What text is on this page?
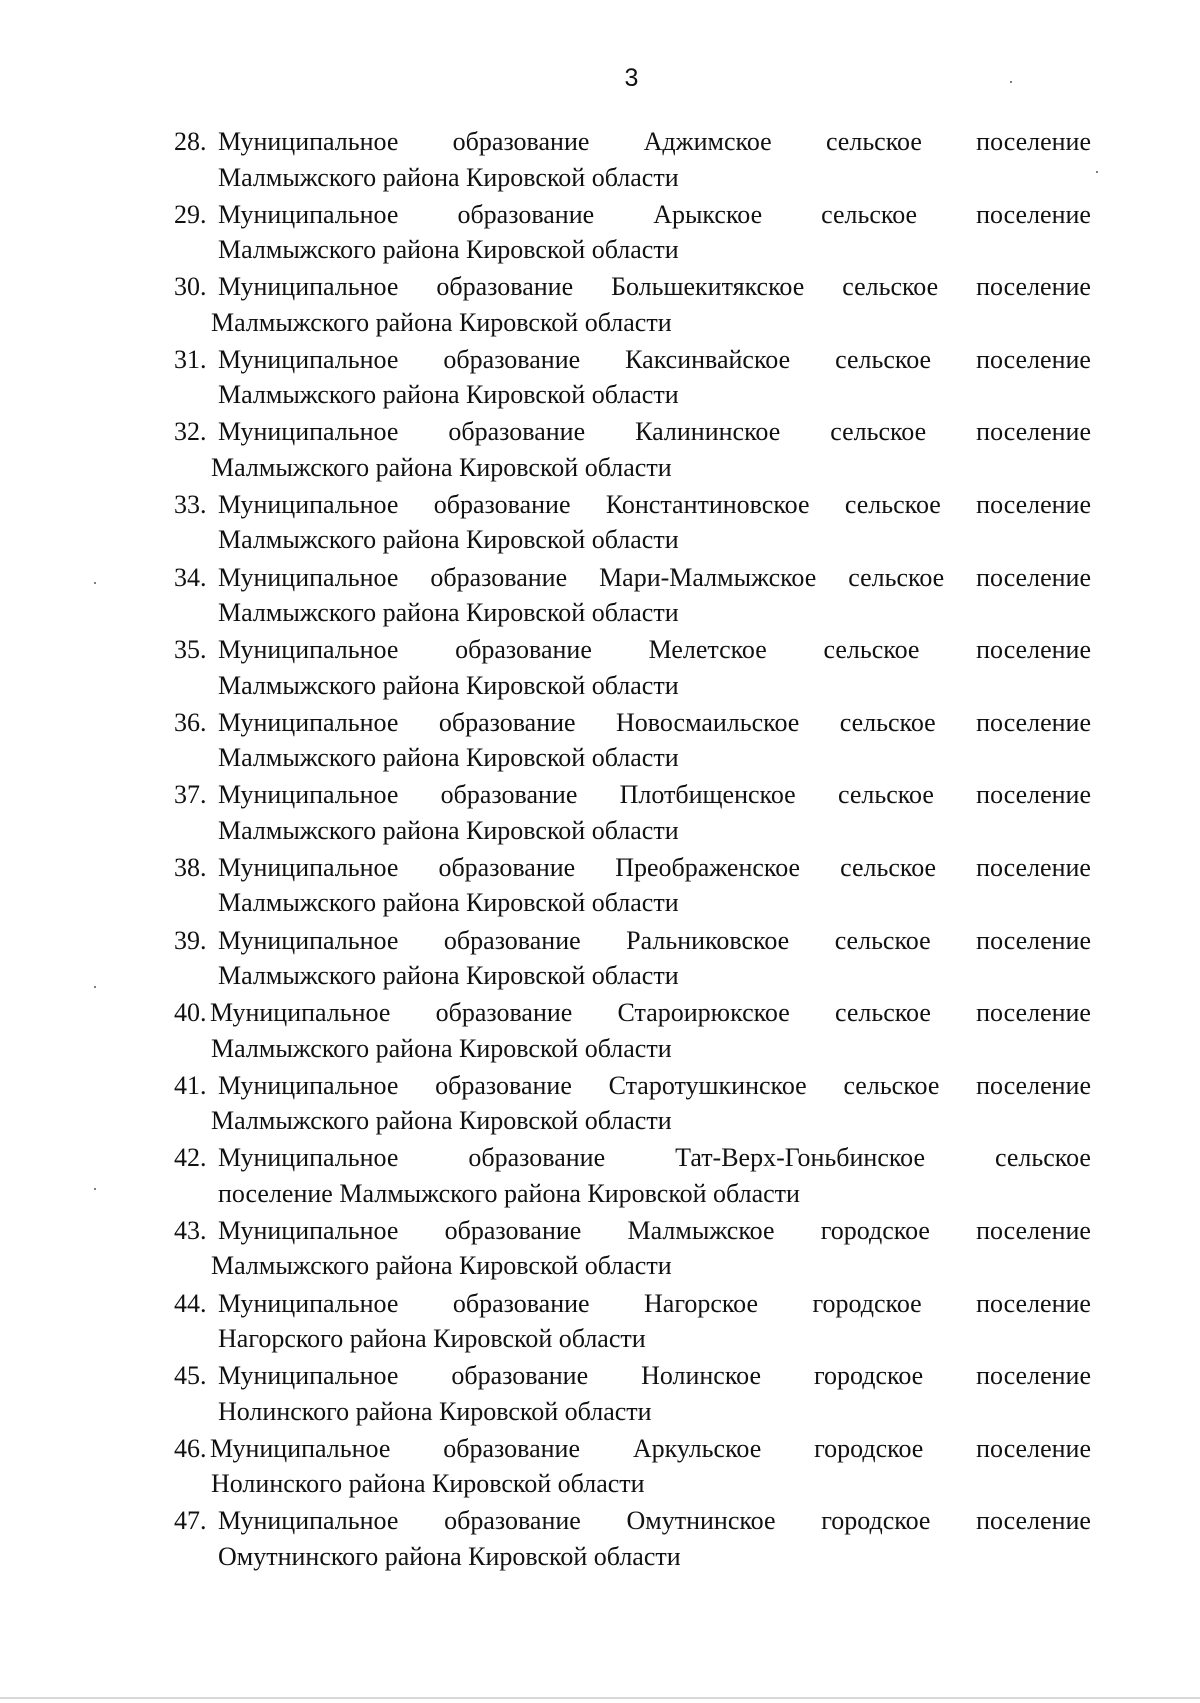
3
28. Муниципальное образование Аджимское сельское поселение
Малмыжского района Кировской области
29. Муниципальное образование Арыкское сельское поселение
Малмыжского района Кировской области
30. Муниципальное образование Большекитякское сельское поселение
Малмыжского района Кировской области
31. Муниципальное образование Каксинвайское сельское поселение
Малмыжского района Кировской области
32. Муниципальное образование Калининское сельское поселение
Малмыжского района Кировской области
33. Муниципальное образование Константиновское сельское поселение
Малмыжского района Кировской области
34. Муниципальное образование Мари-Малмыжское сельское поселение
Малмыжского района Кировской области
35. Муниципальное образование Мелетское сельское поселение
Малмыжского района Кировской области
36. Муниципальное образование Новосмаильское сельское поселение
Малмыжского района Кировской области
37. Муниципальное образование Плотбищенское сельское поселение
Малмыжского района Кировской области
38. Муниципальное образование Преображенское сельское поселение
Малмыжского района Кировской области
39. Муниципальное образование Ральниковское сельское поселение
Малмыжского района Кировской области
40. Муниципальное образование Староирюкское сельское поселение
Малмыжского района Кировской области
41. Муниципальное образование Старотушкинское сельское поселение
Малмыжского района Кировской области
42. Муниципальное	образование	Тат-Верх-Гоньбинское	сельское
поселение Малмыжского района Кировской области
43. Муниципальное образование Малмыжское городское поселение
Малмыжского района Кировской области
44. Муниципальное образование Нагорское городское поселение
Нагорского района Кировской области
45. Муниципальное образование Нолинское городское поселение
Нолинского района Кировской области
46. Муниципальное образование Аркульское городское поселение
Нолинского района Кировской области
47. Муниципальное образование Омутнинское городское поселение
Омутнинского района Кировской области
